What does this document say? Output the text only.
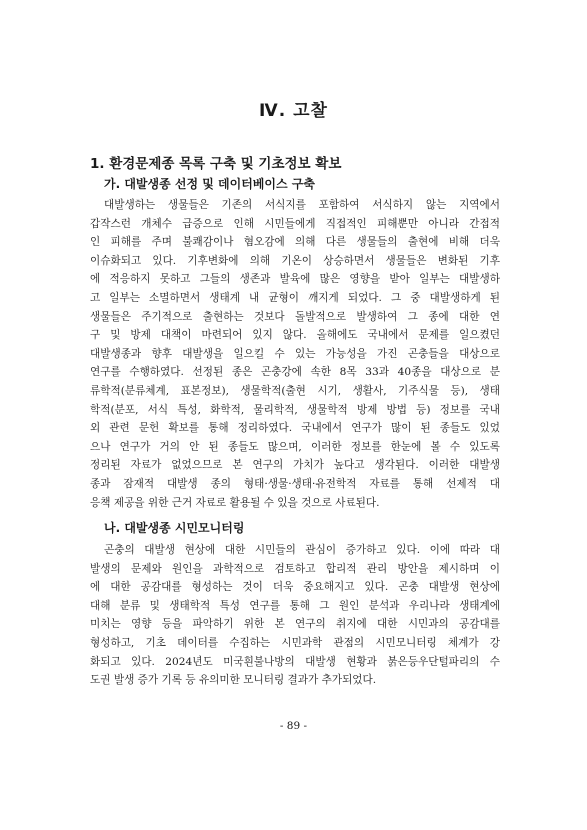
Ⅳ. 고찰
1. 환경문제종 목록 구축 및 기초정보 확보
가. 대발생종 선정 및 데이터베이스 구축
대발생하는 생물들은 기존의 서식지를 포함하여 서식하지 않는 지역에서
갑작스런 개체수 급증으로 인해 시민들에게 직접적인 피해뿐만 아니라 간접적
인 피해를 주며 불쾌감이나 혐오감에 의해 다른 생물들의 출현에 비해 더욱
이슈화되고 있다. 기후변화에 의해 기온이 상승하면서 생물들은 변화된 기후
에 적응하지 못하고 그들의 생존과 발육에 많은 영향을 받아 일부는 대발생하
고 일부는 소멸하면서 생태계 내 균형이 깨지게 되었다. 그 중 대발생하게 된
생물들은 주기적으로 출현하는 것보다 돌발적으로 발생하여 그 종에 대한 연
구 및 방제 대책이 마련되어 있지 않다. 올해에도 국내에서 문제를 일으켰던
대발생종과 향후 대발생을 일으킬 수 있는 가능성을 가진 곤충들을 대상으로
연구를 수행하였다. 선정된 종은 곤충강에 속한 8목 33과 40종을 대상으로 분
류학적(분류체계, 표본정보), 생물학적(출현 시기, 생활사, 기주식물 등), 생태
학적(분포, 서식 특성, 화학적, 물리학적, 생물학적 방제 방법 등) 정보를 국내
외 관련 문헌 확보를 통해 정리하였다. 국내에서 연구가 많이 된 종들도 있었
으나 연구가 거의 안 된 종들도 많으며, 이러한 정보를 한눈에 볼 수 있도록
정리된 자료가 없었으므로 본 연구의 가치가 높다고 생각된다. 이러한 대발생
종과 잠재적 대발생 종의 형태·생물·생태·유전학적 자료를 통해 선제적 대
응책 제공을 위한 근거 자료로 활용될 수 있을 것으로 사료된다.
나. 대발생종 시민모니터링
곤충의 대발생 현상에 대한 시민들의 관심이 증가하고 있다. 이에 따라 대
발생의 문제와 원인을 과학적으로 검토하고 합리적 관리 방안을 제시하며 이
에 대한 공감대를 형성하는 것이 더욱 중요해지고 있다. 곤충 대발생 현상에
대해 분류 및 생태학적 특성 연구를 통해 그 원인 분석과 우리나라 생태계에
미치는 영향 등을 파악하기 위한 본 연구의 취지에 대한 시민과의 공감대를
형성하고, 기초 데이터를 수집하는 시민과학 관점의 시민모니터링 체계가 강
화되고 있다. 2024년도 미국흰불나방의 대발생 현황과 붉은등우단털파리의 수
도권 발생 증가 기록 등 유의미한 모니터링 결과가 추가되었다.
- 89 -
